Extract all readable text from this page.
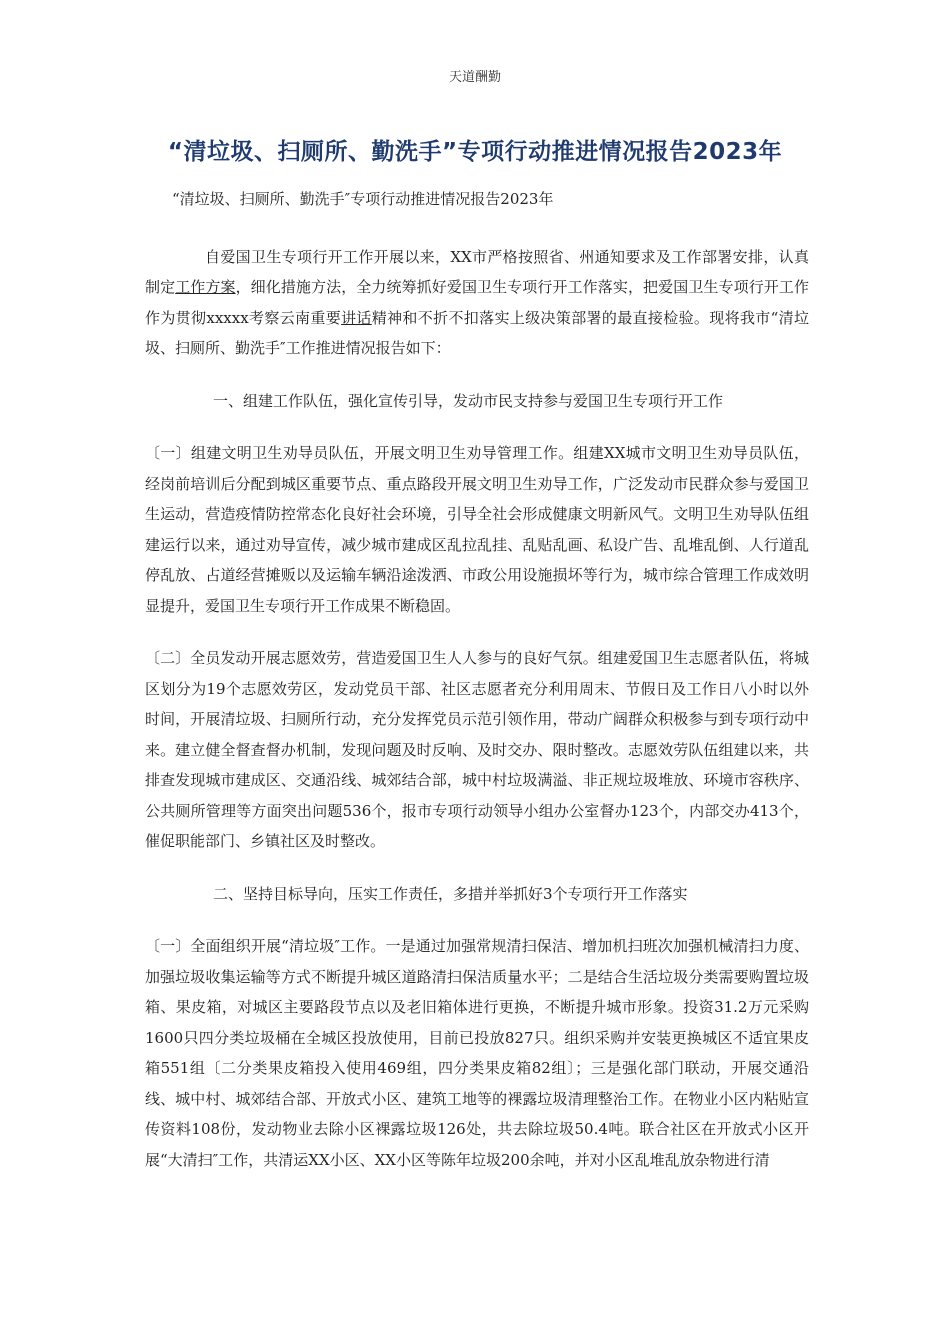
天道酬勤
“清垃圾、扫厕所、勤洗手”专项行动推进情况报告2023年

“清垃圾、扫厕所、勤洗手″专项行动推进情况报告2023年

自爱国卫生专项行开工作开展以来，XX市严格按照省、州通知要求及工作部署安排，认真制定工作方案，细化措施方法，全力统筹抓好爱国卫生专项行开工作落实，把爱国卫生专项行开工作作为贯彻xxxxx考察云南重要讲话精神和不折不扣落实上级决策部署的最直接检验。现将我市“清垃圾、扫厕所、勤洗手″工作推进情况报告如下：

一、组建工作队伍，强化宣传引导，发动市民支持参与爱国卫生专项行开工作

〔一〕组建文明卫生劝导员队伍，开展文明卫生劝导管理工作。组建XX城市文明卫生劝导员队伍，经岗前培训后分配到城区重要节点、重点路段开展文明卫生劝导工作，广泛发动市民群众参与爱国卫生运动，营造疫情防控常态化良好社会环境，引导全社会形成健康文明新风气。文明卫生劝导队伍组建运行以来，通过劝导宣传，减少城市建成区乱拉乱挂、乱贴乱画、私设广告、乱堆乱倒、人行道乱停乱放、占道经营摊贩以及运输车辆沿途泼洒、市政公用设施损坏等行为，城市综合管理工作成效明显提升，爱国卫生专项行开工作成果不断稳固。

〔二〕全员发动开展志愿效劳，营造爱国卫生人人参与的良好气氛。组建爱国卫生志愿者队伍，将城区划分为19个志愿效劳区，发动党员干部、社区志愿者充分利用周末、节假日及工作日八小时以外时间，开展清垃圾、扫厕所行动，充分发挥党员示范引领作用，带动广阔群众积极参与到专项行动中来。建立健全督查督办机制，发现问题及时反响、及时交办、限时整改。志愿效劳队伍组建以来，共排查发现城市建成区、交通沿线、城郊结合部，城中村垃圾满溢、非正规垃圾堆放、环境市容秩序、公共厕所管理等方面突出问题536个，报市专项行动领导小组办公室督办123个，内部交办413个，催促职能部门、乡镇社区及时整改。

二、坚持目标导向，压实工作责任，多措并举抓好3个专项行开工作落实

〔一〕全面组织开展“清垃圾″工作。一是通过加强常规清扫保洁、增加机扫班次加强机械清扫力度、加强垃圾收集运输等方式不断提升城区道路清扫保洁质量水平；二是结合生活垃圾分类需要购置垃圾箱、果皮箱，对城区主要路段节点以及老旧箱体进行更换，不断提升城市形象。投资31.2万元采购1600只四分类垃圾桶在全城区投放使用，目前已投放827只。组织采购并安装更换城区不适宜果皮箱551组〔二分类果皮箱投入使用469组，四分类果皮箱82组〕；三是强化部门联动，开展交通沿线、城中村、城郊结合部、开放式小区、建筑工地等的裸露垃圾清理整治工作。在物业小区内粘贴宣传资料108份，发动物业去除小区裸露垃圾126处，共去除垃圾50.4吨。联合社区在开放式小区开展“大清扫″工作，共清运XX小区、XX小区等陈年垃圾200余吨，并对小区乱堆乱放杂物进行清
